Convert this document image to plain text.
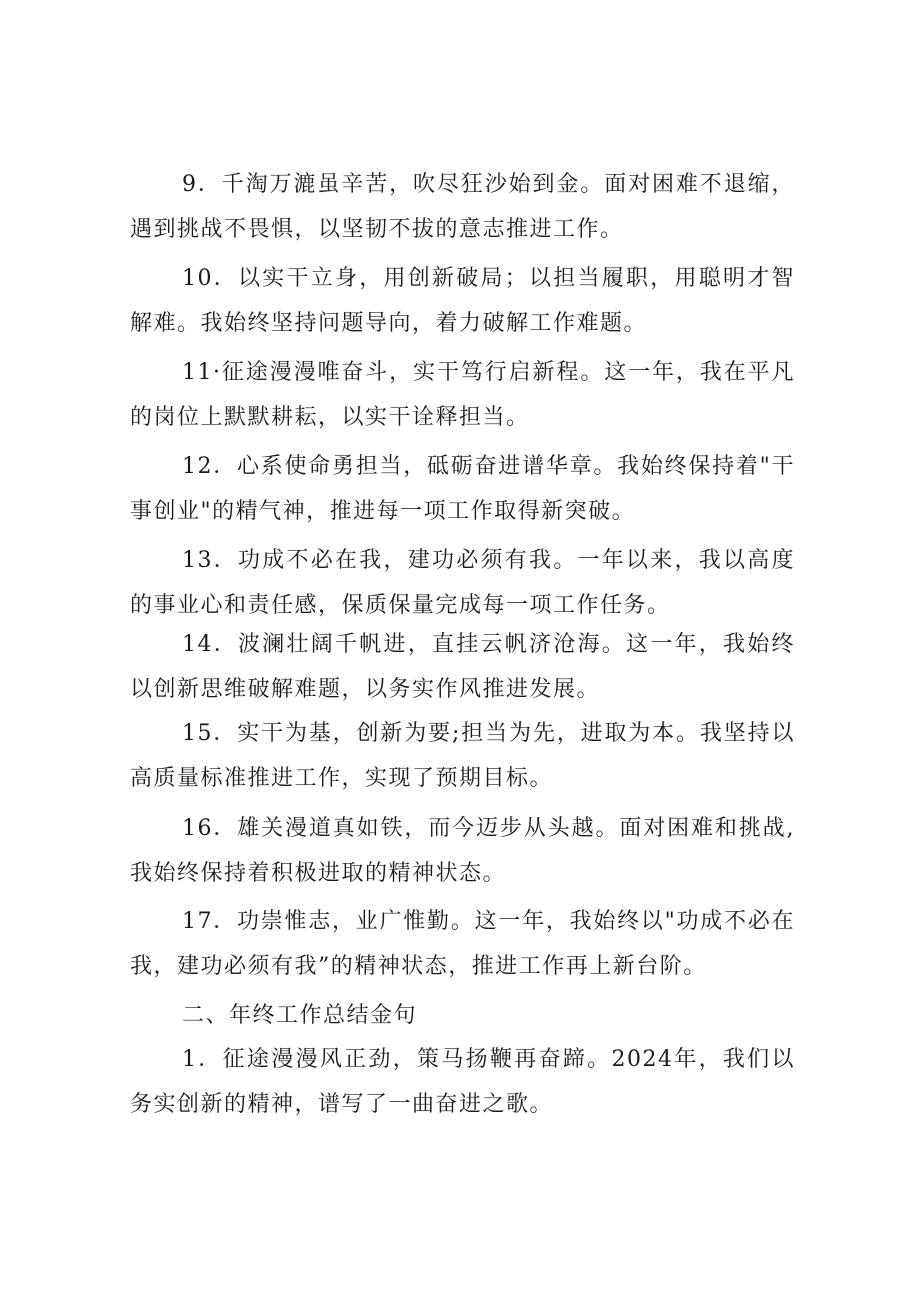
9．千淘万漉虽辛苦，吹尽狂沙始到金。面对困难不退缩，遇到挑战不畏惧，以坚韧不拔的意志推进工作。

10．以实干立身，用创新破局；以担当履职，用聪明才智解难。我始终坚持问题导向，着力破解工作难题。

11·征途漫漫唯奋斗，实干笃行启新程。这一年，我在平凡的岗位上默默耕耘，以实干诠释担当。

12．心系使命勇担当，砥砺奋进谱华章。我始终保持着"干事创业"的精气神，推进每一项工作取得新突破。

13．功成不必在我，建功必须有我。一年以来，我以高度的事业心和责任感，保质保量完成每一项工作任务。

14．波澜壮阔千帆进，直挂云帆济沧海。这一年，我始终以创新思维破解难题，以务实作风推进发展。

15．实干为基，创新为要;担当为先，进取为本。我坚持以高质量标准推进工作，实现了预期目标。

16．雄关漫道真如铁，而今迈步从头越。面对困难和挑战,我始终保持着积极进取的精神状态。

17．功崇惟志，业广惟勤。这一年，我始终以"功成不必在我，建功必须有我”的精神状态，推进工作再上新台阶。

二、年终工作总结金句

1．征途漫漫风正劲，策马扬鞭再奋蹄。2024年，我们以务实创新的精神，谱写了一曲奋进之歌。
